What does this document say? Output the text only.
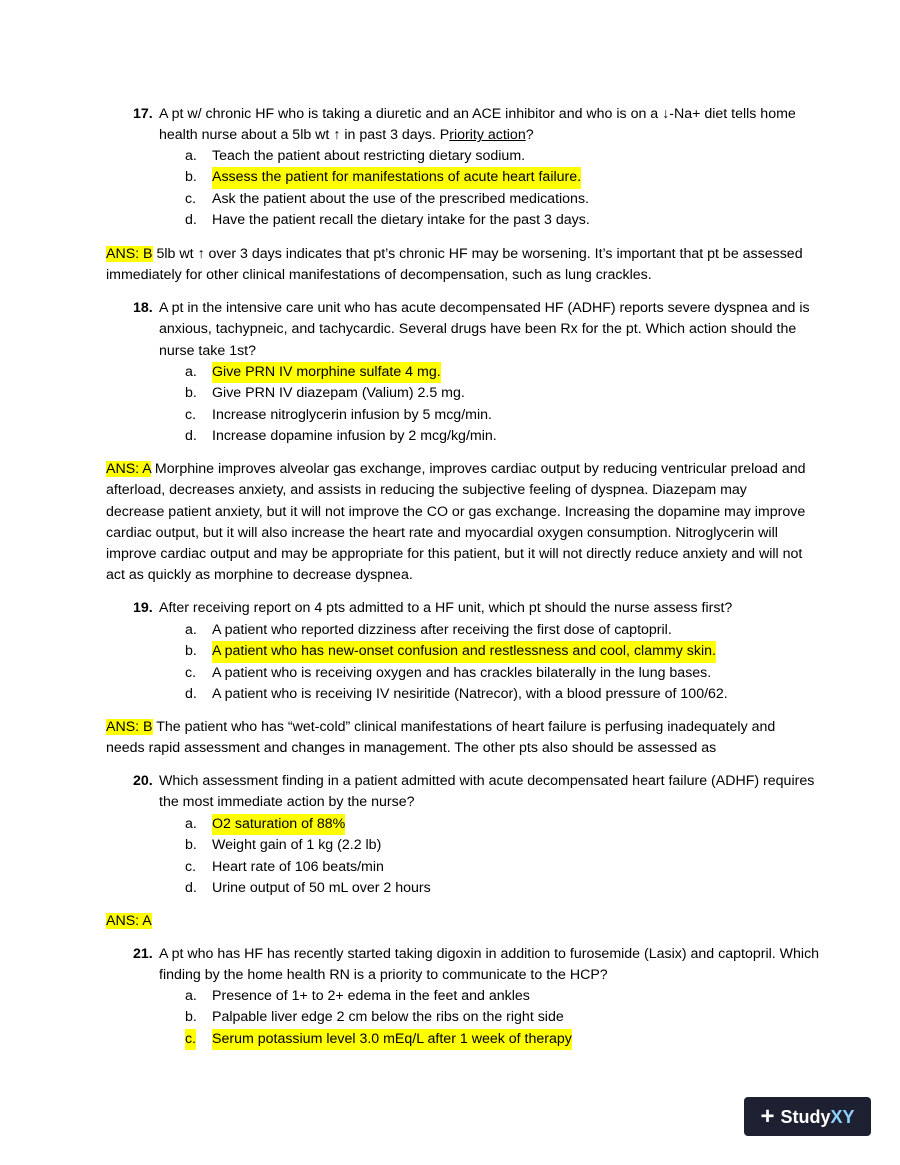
17. A pt w/ chronic HF who is taking a diuretic and an ACE inhibitor and who is on a ↓-Na+ diet tells home health nurse about a 5lb wt ↑ in past 3 days. Priority action?
a. Teach the patient about restricting dietary sodium.
b. Assess the patient for manifestations of acute heart failure.
c. Ask the patient about the use of the prescribed medications.
d. Have the patient recall the dietary intake for the past 3 days.
ANS: B 5lb wt ↑ over 3 days indicates that pt’s chronic HF may be worsening. It’s important that pt be assessed immediately for other clinical manifestations of decompensation, such as lung crackles.
18. A pt in the intensive care unit who has acute decompensated HF (ADHF) reports severe dyspnea and is anxious, tachypneic, and tachycardic. Several drugs have been Rx for the pt. Which action should the nurse take 1st?
a. Give PRN IV morphine sulfate 4 mg.
b. Give PRN IV diazepam (Valium) 2.5 mg.
c. Increase nitroglycerin infusion by 5 mcg/min.
d. Increase dopamine infusion by 2 mcg/kg/min.
ANS: A Morphine improves alveolar gas exchange, improves cardiac output by reducing ventricular preload and afterload, decreases anxiety, and assists in reducing the subjective feeling of dyspnea. Diazepam may decrease patient anxiety, but it will not improve the CO or gas exchange. Increasing the dopamine may improve cardiac output, but it will also increase the heart rate and myocardial oxygen consumption. Nitroglycerin will improve cardiac output and may be appropriate for this patient, but it will not directly reduce anxiety and will not act as quickly as morphine to decrease dyspnea.
19. After receiving report on 4 pts admitted to a HF unit, which pt should the nurse assess first?
a. A patient who reported dizziness after receiving the first dose of captopril.
b. A patient who has new-onset confusion and restlessness and cool, clammy skin.
c. A patient who is receiving oxygen and has crackles bilaterally in the lung bases.
d. A patient who is receiving IV nesiritide (Natrecor), with a blood pressure of 100/62.
ANS: B The patient who has “wet-cold” clinical manifestations of heart failure is perfusing inadequately and needs rapid assessment and changes in management. The other pts also should be assessed as
20. Which assessment finding in a patient admitted with acute decompensated heart failure (ADHF) requires the most immediate action by the nurse?
a. O2 saturation of 88%
b. Weight gain of 1 kg (2.2 lb)
c. Heart rate of 106 beats/min
d. Urine output of 50 mL over 2 hours
ANS: A
21. A pt who has HF has recently started taking digoxin in addition to furosemide (Lasix) and captopril. Which finding by the home health RN is a priority to communicate to the HCP?
a. Presence of 1+ to 2+ edema in the feet and ankles
b. Palpable liver edge 2 cm below the ribs on the right side
c. Serum potassium level 3.0 mEq/L after 1 week of therapy
+ StudyXY
